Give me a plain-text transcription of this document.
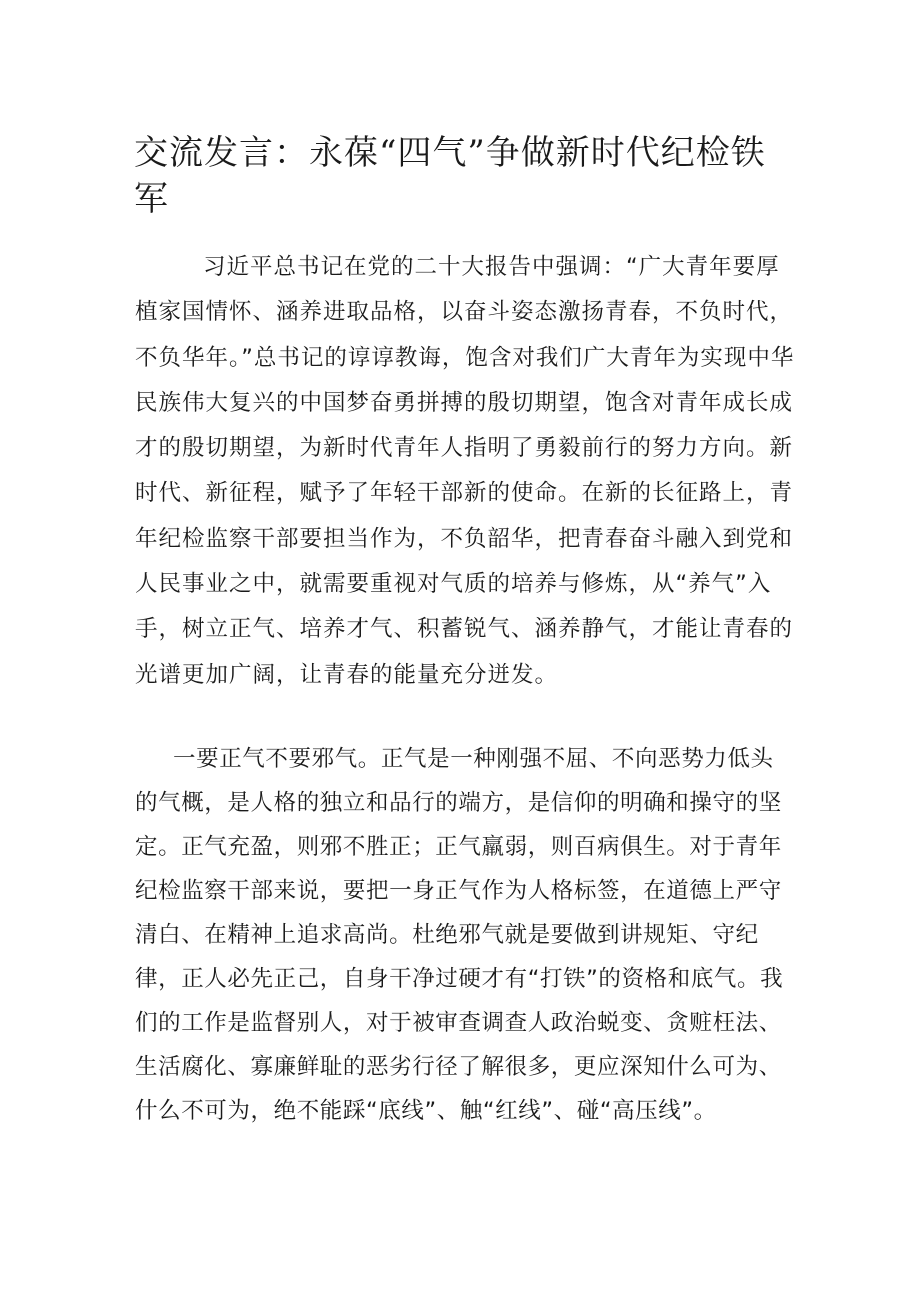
交流发言：永葆“四气”争做新时代纪检铁军

习近平总书记在党的二十大报告中强调：“广大青年要厚植家国情怀、涵养进取品格，以奋斗姿态激扬青春，不负时代，不负华年。”总书记的谆谆教诲，饱含对我们广大青年为实现中华民族伟大复兴的中国梦奋勇拼搏的殷切期望，饱含对青年成长成才的殷切期望，为新时代青年人指明了勇毅前行的努力方向。新时代、新征程，赋予了年轻干部新的使命。在新的长征路上，青年纪检监察干部要担当作为，不负韶华，把青春奋斗融入到党和人民事业之中，就需要重视对气质的培养与修炼，从“养气”入手，树立正气、培养才气、积蓄锐气、涵养静气，才能让青春的光谱更加广阔，让青春的能量充分迸发。

一要正气不要邪气。正气是一种刚强不屈、不向恶势力低头的气概，是人格的独立和品行的端方，是信仰的明确和操守的坚定。正气充盈，则邪不胜正；正气羸弱，则百病俱生。对于青年纪检监察干部来说，要把一身正气作为人格标签，在道德上严守清白、在精神上追求高尚。杜绝邪气就是要做到讲规矩、守纪律，正人必先正己，自身干净过硬才有“打铁”的资格和底气。我们的工作是监督别人，对于被审查调查人政治蜕变、贪赃枉法、生活腐化、寡廉鲜耻的恶劣行径了解很多，更应深知什么可为、什么不可为，绝不能踩“底线”、触“红线”、碰“高压线”。
